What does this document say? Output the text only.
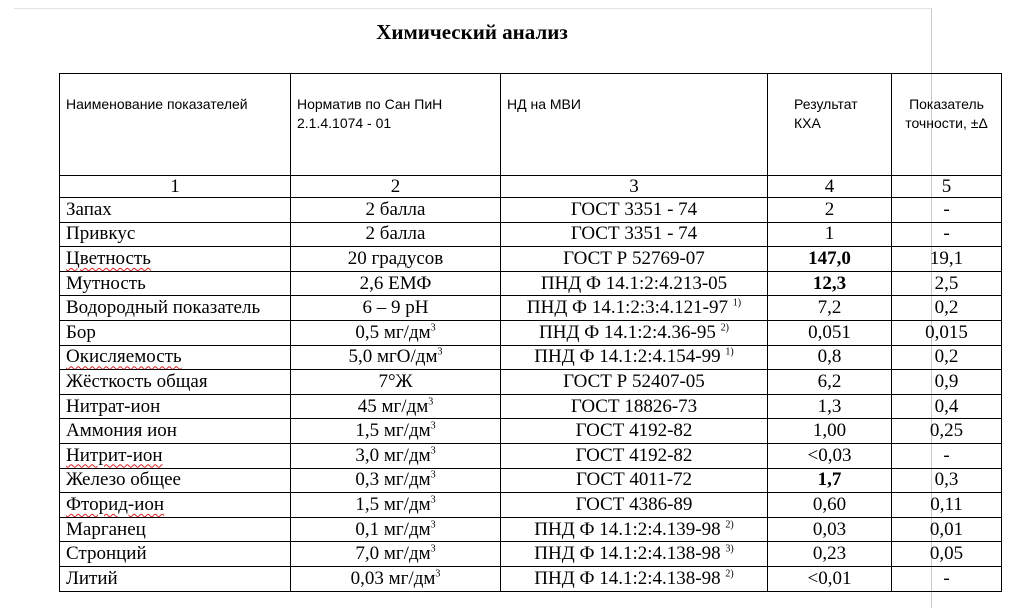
Химический анализ
Наименование показателей	Норматив по Сан ПиН 2.1.4.1074 - 01	НД на МВИ	Результат КХА	Показатель точности, ±Δ
1	2	3	4	5
Запах	2 балла	ГОСТ 3351 - 74	2	-
Привкус	2 балла	ГОСТ 3351 - 74	1	-
Цветность	20 градусов	ГОСТ Р 52769-07	147,0	19,1
Мутность	2,6 ЕМФ	ПНД Ф 14.1:2:4.213-05	12,3	2,5
Водородный показатель	6 – 9 рН	ПНД Ф 14.1:2:3:4.121-97 $^{1)}$	7,2	0,2
Бор	0,5 $мг/дм^3$	ПНД Ф 14.1:2:4.36-95 $^{2)}$	0,051	0,015
Окисляемость	5,0 мгО/$дм^3$	ПНД Ф 14.1:2:4.154-99 $^{1)}$	0,8	0,2
Жёсткость общая	7°Ж	ГОСТ Р 52407-05	6,2	0,9
Нитрат-ион	45 $мг/дм^3$	ГОСТ 18826-73	1,3	0,4
Аммония ион	1,5 $мг/дм^3$	ГОСТ 4192-82	1,00	0,25
Нитрит-ион	3,0 $мг/дм^3$	ГОСТ 4192-82	<0,03	-
Железо общее	0,3 $мг/дм^3$	ГОСТ 4011-72	1,7	0,3
Фторид-ион	1,5 $мг/дм^3$	ГОСТ 4386-89	0,60	0,11
Марганец	0,1 $мг/дм^3$	ПНД Ф 14.1:2:4.139-98 $^{2)}$	0,03	0,01
Стронций	7,0 $мг/дм^3$	ПНД Ф 14.1:2:4.138-98 $^{3)}$	0,23	0,05
Литий	0,03 $мг/дм^3$	ПНД Ф 14.1:2:4.138-98 $^{2)}$	<0,01	-
